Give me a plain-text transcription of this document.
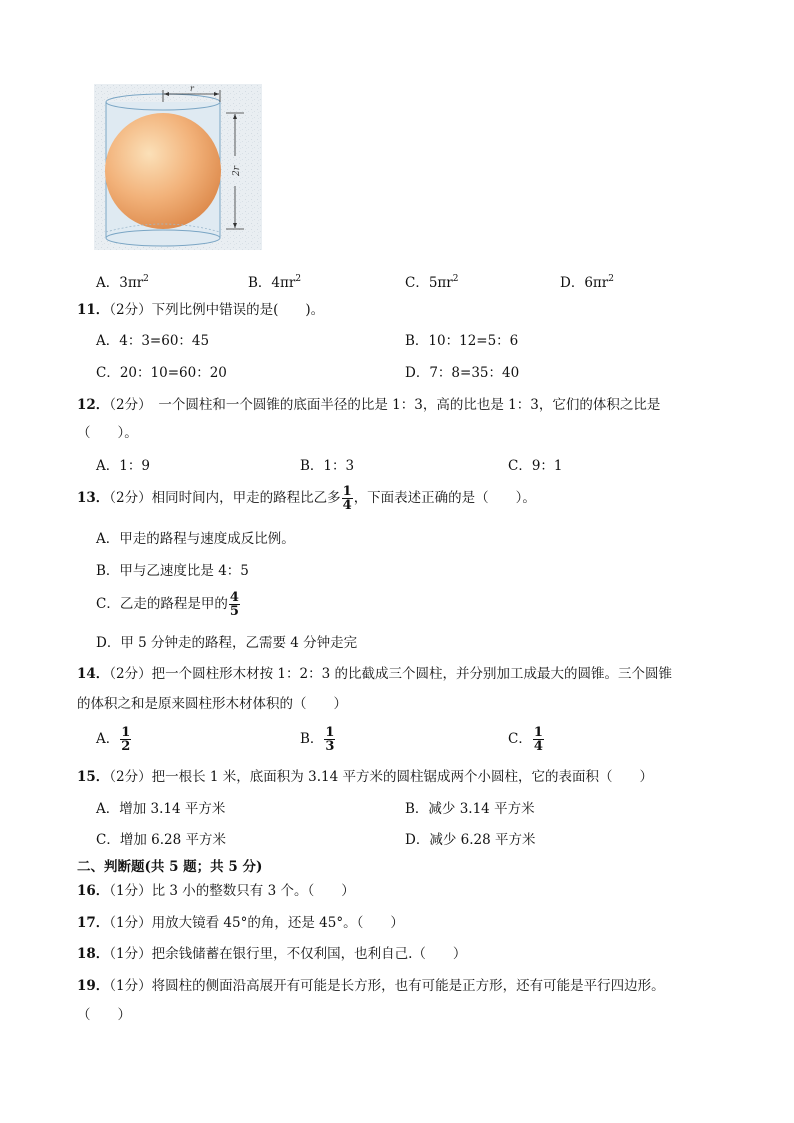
r
2r
A．$3\pi r^2$	B．$4\pi r^2$	C．$5\pi r^2$	D．$6\pi r^2$
11．（2分）下列比例中错误的是(　　)。
A．4：3=60：45	B．10：12=5：6
C．20：10=60：20	D．7：8=35：40
12．（2分）　一个圆柱和一个圆锥的底面半径的比是 1：3，高的比也是 1：3，它们的体积之比是
（　　）。
A．1：9	B．1：3	C．9：1
13．（2分）相同时间内，甲走的路程比乙多 $\frac{1}{4}$ ，下面表述正确的是（　　）。
A．甲走的路程与速度成反比例。
B．甲与乙速度比是 4：5
C．乙走的路程是甲的 $\frac{4}{5}$
D．甲 5 分钟走的路程，乙需要 4 分钟走完
14．（2分）把一个圆柱形木材按 1：2：3 的比截成三个圆柱，并分别加工成最大的圆锥。三个圆锥
的体积之和是原来圆柱形木材体积的（　　）
A． $\frac{1}{2}$	B． $\frac{1}{3}$	C． $\frac{1}{4}$
15．（2分）把一根长 1 米，底面积为 3.14 平方米的圆柱锯成两个小圆柱，它的表面积（　　）
A．增加 3.14 平方米	B．减少 3.14 平方米
C．增加 6.28 平方米	D．减少 6.28 平方米
二、判断题(共 5 题；共 5 分)
16．（1分）比 3 小的整数只有 3 个。（　　）
17．（1分）用放大镜看 45°的角，还是 45°。（　　）
18．（1分）把余钱储蓄在银行里，不仅利国，也利自己.（　　）
19．（1分）将圆柱的侧面沿高展开有可能是长方形，也有可能是正方形，还有可能是平行四边形。
（　　）
